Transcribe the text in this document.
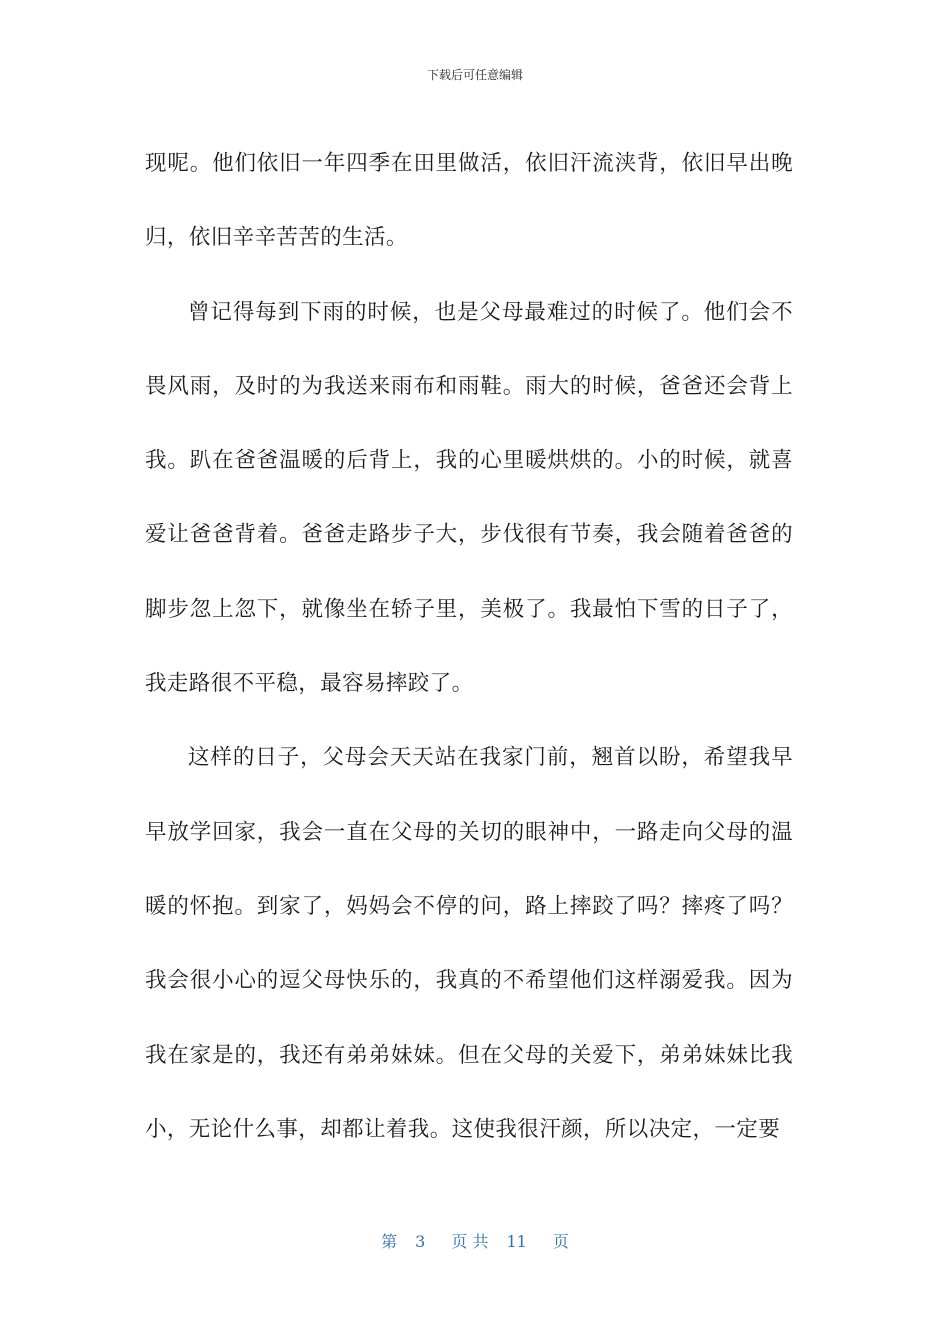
下载后可任意编辑

现呢。他们依旧一年四季在田里做活，依旧汗流浃背，依旧早出晚归，依旧辛辛苦苦的生活。

曾记得每到下雨的时候，也是父母最难过的时候了。他们会不畏风雨，及时的为我送来雨布和雨鞋。雨大的时候，爸爸还会背上我。趴在爸爸温暖的后背上，我的心里暖烘烘的。小的时候，就喜爱让爸爸背着。爸爸走路步子大，步伐很有节奏，我会随着爸爸的脚步忽上忽下，就像坐在轿子里，美极了。我最怕下雪的日子了，我走路很不平稳，最容易摔跤了。

这样的日子，父母会天天站在我家门前，翘首以盼，希望我早早放学回家，我会一直在父母的关切的眼神中，一路走向父母的温暖的怀抱。到家了，妈妈会不停的问，路上摔跤了吗？摔疼了吗？我会很小心的逗父母快乐的，我真的不希望他们这样溺爱我。因为我在家是的，我还有弟弟妹妹。但在父母的关爱下，弟弟妹妹比我小，无论什么事，却都让着我。这使我很汗颜，所以决定，一定要

第 3 页 共 11 页
